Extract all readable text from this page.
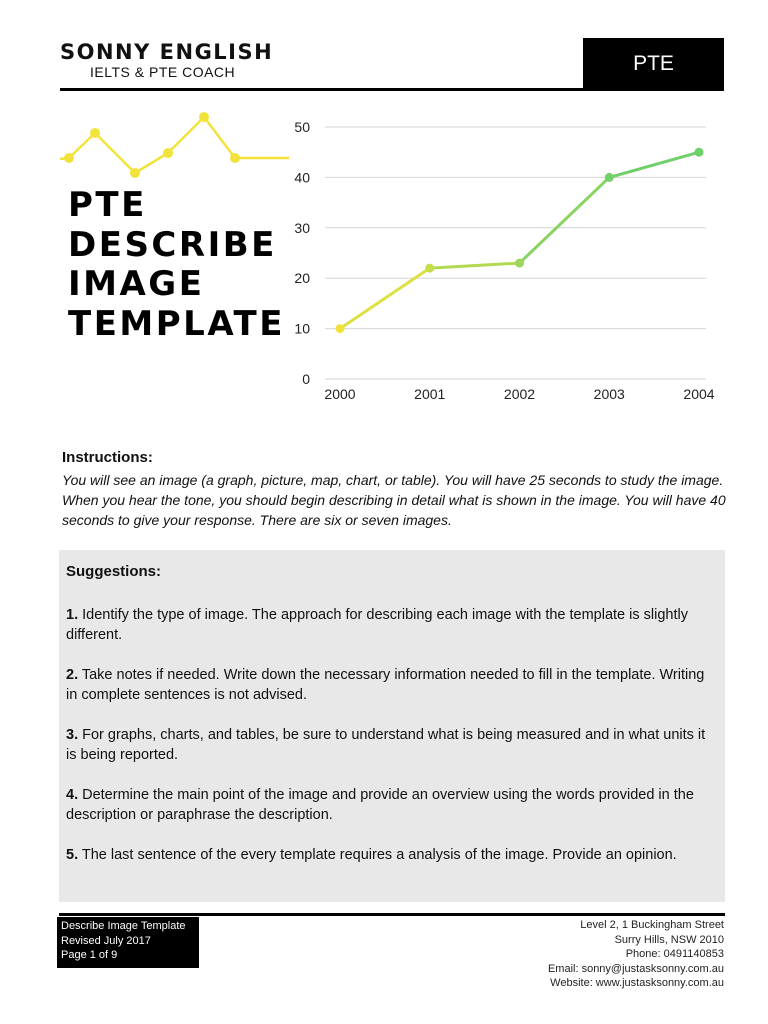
SONNY ENGLISH
IELTS & PTE COACH	PTE
PTE
DESCRIBE
IMAGE
TEMPLATE
0
10
20
30
40
50
2000	2001	2002	2003	2004
Instructions:
You will see an image (a graph, picture, map, chart, or table). You will have 25 seconds to study the image. When you hear the tone, you should begin describing in detail what is shown in the image. You will have 40 seconds to give your response. There are six or seven images.
Suggestions:
1. Identify the type of image. The approach for describing each image with the template is slightly different.
2. Take notes if needed. Write down the necessary information needed to fill in the template. Writing in complete sentences is not advised.
3. For graphs, charts, and tables, be sure to understand what is being measured and in what units it is being reported.
4. Determine the main point of the image and provide an overview using the words provided in the description or paraphrase the description.
5. The last sentence of the every template requires a analysis of the image. Provide an opinion.
Describe Image Template
Revised July 2017
Page 1 of 9
Level 2, 1 Buckingham Street
Surry Hills, NSW 2010
Phone: 0491140853
Email: sonny@justasksonny.com.au
Website: www.justasksonny.com.au
